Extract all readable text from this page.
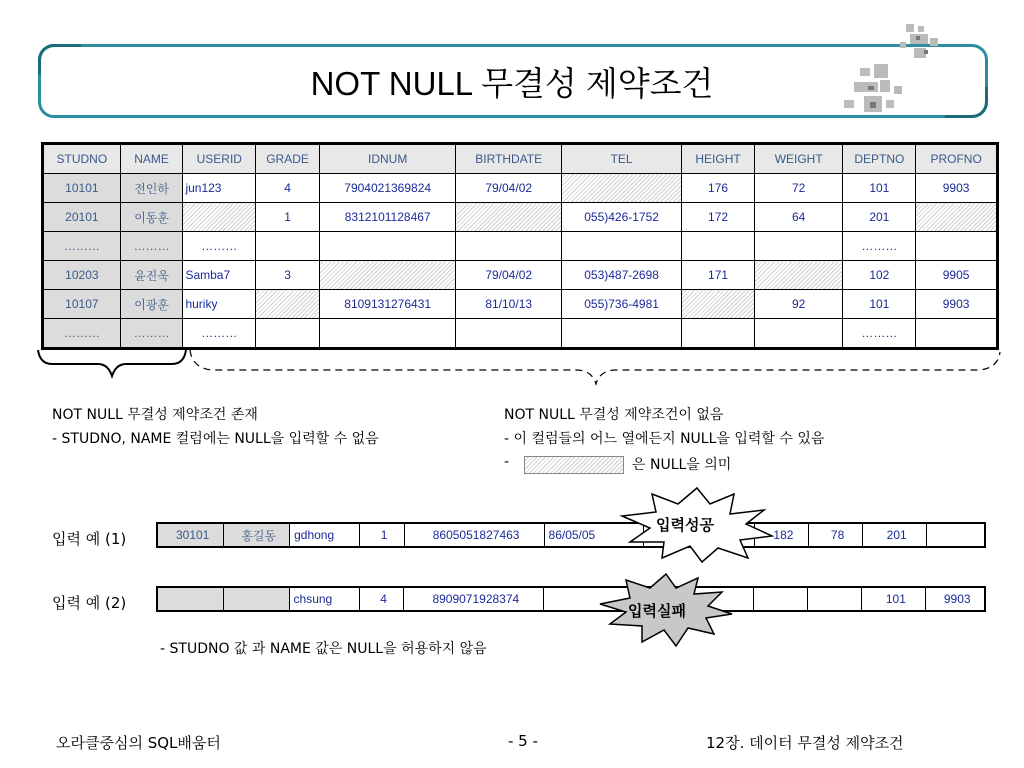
NOT NULL 무결성 제약조건
STUDNO	NAME	USERID	GRADE	IDNUM	BIRTHDATE	TEL	HEIGHT	WEIGHT	DEPTNO	PROFNO
10101	전인하	jun123	4	7904021369824	79/04/02		176	72	101	9903
20101	이동훈		1	8312101128467		055)426-1752	172	64	201	
………	………	………							………	
10203	윤진욱	Samba7	3		79/04/02	053)487-2698	171		102	9905
10107	이광훈	huriky		8109131276431	81/10/13	055)736-4981		92	101	9903
………	………	………							………	
NOT NULL 무결성 제약조건 존재
- STUDNO, NAME 컬럼에는 NULL을 입력할 수 없음
NOT NULL 무결성 제약조건이 없음
- 이 컬럼들의 어느 열에든지 NULL을 입력할 수 있음
-	은 NULL을 의미
입력 예 (1)	30101	홍길동	gdhong	1	8605051827463	86/05/05		182	78	201	
입력성공
입력 예 (2)
			chsung	4	8909071928374					101	9903
입력실패
- STUDNO 값 과 NAME 값은 NULL을 허용하지 않음
오라클중심의 SQL배움터	- 5 -	12장. 데이터 무결성 제약조건
